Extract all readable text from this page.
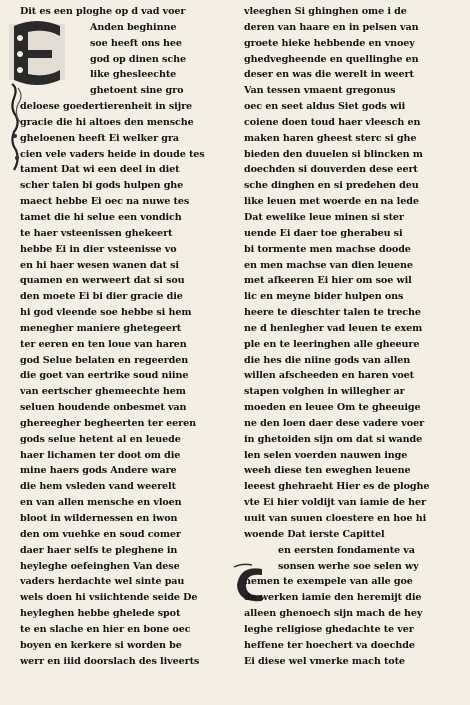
Dit es een ploghe op d vad voer
Anden beghinne
soe heeft ons hee
god op dinen sche
like ghesleechte
ghetoent sine gro
deloese goedertierenheit in sijre
gracie die hi altoes den mensche
gheloenen heeft Ei welker gra
cien vele vaders heide in doude tes
tament Dat wi een deel in diet
scher talen bi gods hulpen ghe
maect hebbe Ei oec na nuwe tes
tamet die hi selue een vondich
te haer vsteenissen ghekeert
hebbe Ei in dier vsteenisse vo
en hi haer wesen wanen dat si
quamen en werweert dat si sou
den moete Ei bi dier gracie die
hi god vleende soe hebbe si hem
menegher maniere ghetegeert
ter eeren en ten loue van haren
god Selue belaten en regeerden
die goet van eertrike soud niine
van eertscher ghemeechte hem
seluen houdende onbesmet van
ghereegher begheerten ter eeren
gods selue hetent al en leuede
haer lichamen ter doot om die
mine haers gods Andere ware
die hem vsleden vand weerelt
en van allen mensche en vloen
bloot in wildernessen en iwon
den om vuehke en soud comer
daer haer selfs te pleghene in
heyleghe oefeinghen Van dese
vaders herdachte wel sinte pau
wels doen hi vsiichtende seide De
heyleghen hebbe ghelede spot
te en slache en hier en bone oec
boyen en kerkere si worden be
werr en iiid doorslach des liveerts
vleeghen Si ghinghen ome i de
deren van haare en in pelsen van
groete hieke hebbende en vnoey
ghedvegheende en quellinghe en
deser en was die werelt in weert
Van tessen vmaent gregonus
oec en seet aldus Siet gods wii
coiene doen toud haer vleesch en
maken haren gheest sterc si ghe
bieden den duuelen si blincken m
doechden si douverden dese eert
sche dinghen en si predehen deu
like leuen met woerde en na lede
Dat ewelike leue minen si ster
uende Ei daer toe gherabeu si
bi tormente men machse doode
en men machse van dien leuene
met afkeeren Ei hier om soe wil
lic en meyne bider hulpen ons
heere te dieschter talen te treche
ne d henlegher vad leuen te exem
ple en te leeringhen alle gheeure
die hes die niine gods van allen
willen afscheeden en haren voet
stapen volghen in willegher ar
moeden en leuee Om te gheeuige
ne den loen daer dese vadere voer
in ghetoiden sijn om dat si wande
len selen voerden nauwen inge
weeh diese ten eweghen leuene
leeest ghehraeht Hier es de ploghe
vte Ei hier voldijt van iamie de her
uuit van suuen cloestere en hoe hi
woende Dat ierste Capittel
en eersten fondamente va
sonsen werhe soe selen wy
nemen te exempele van alle goe
de werken iamie den heremijt die
alleen ghenoech sijn mach de hey
leghe religiose ghedachte te ver
heffene ter hoechert va doechde
Ei diese wel vmerke mach tote
